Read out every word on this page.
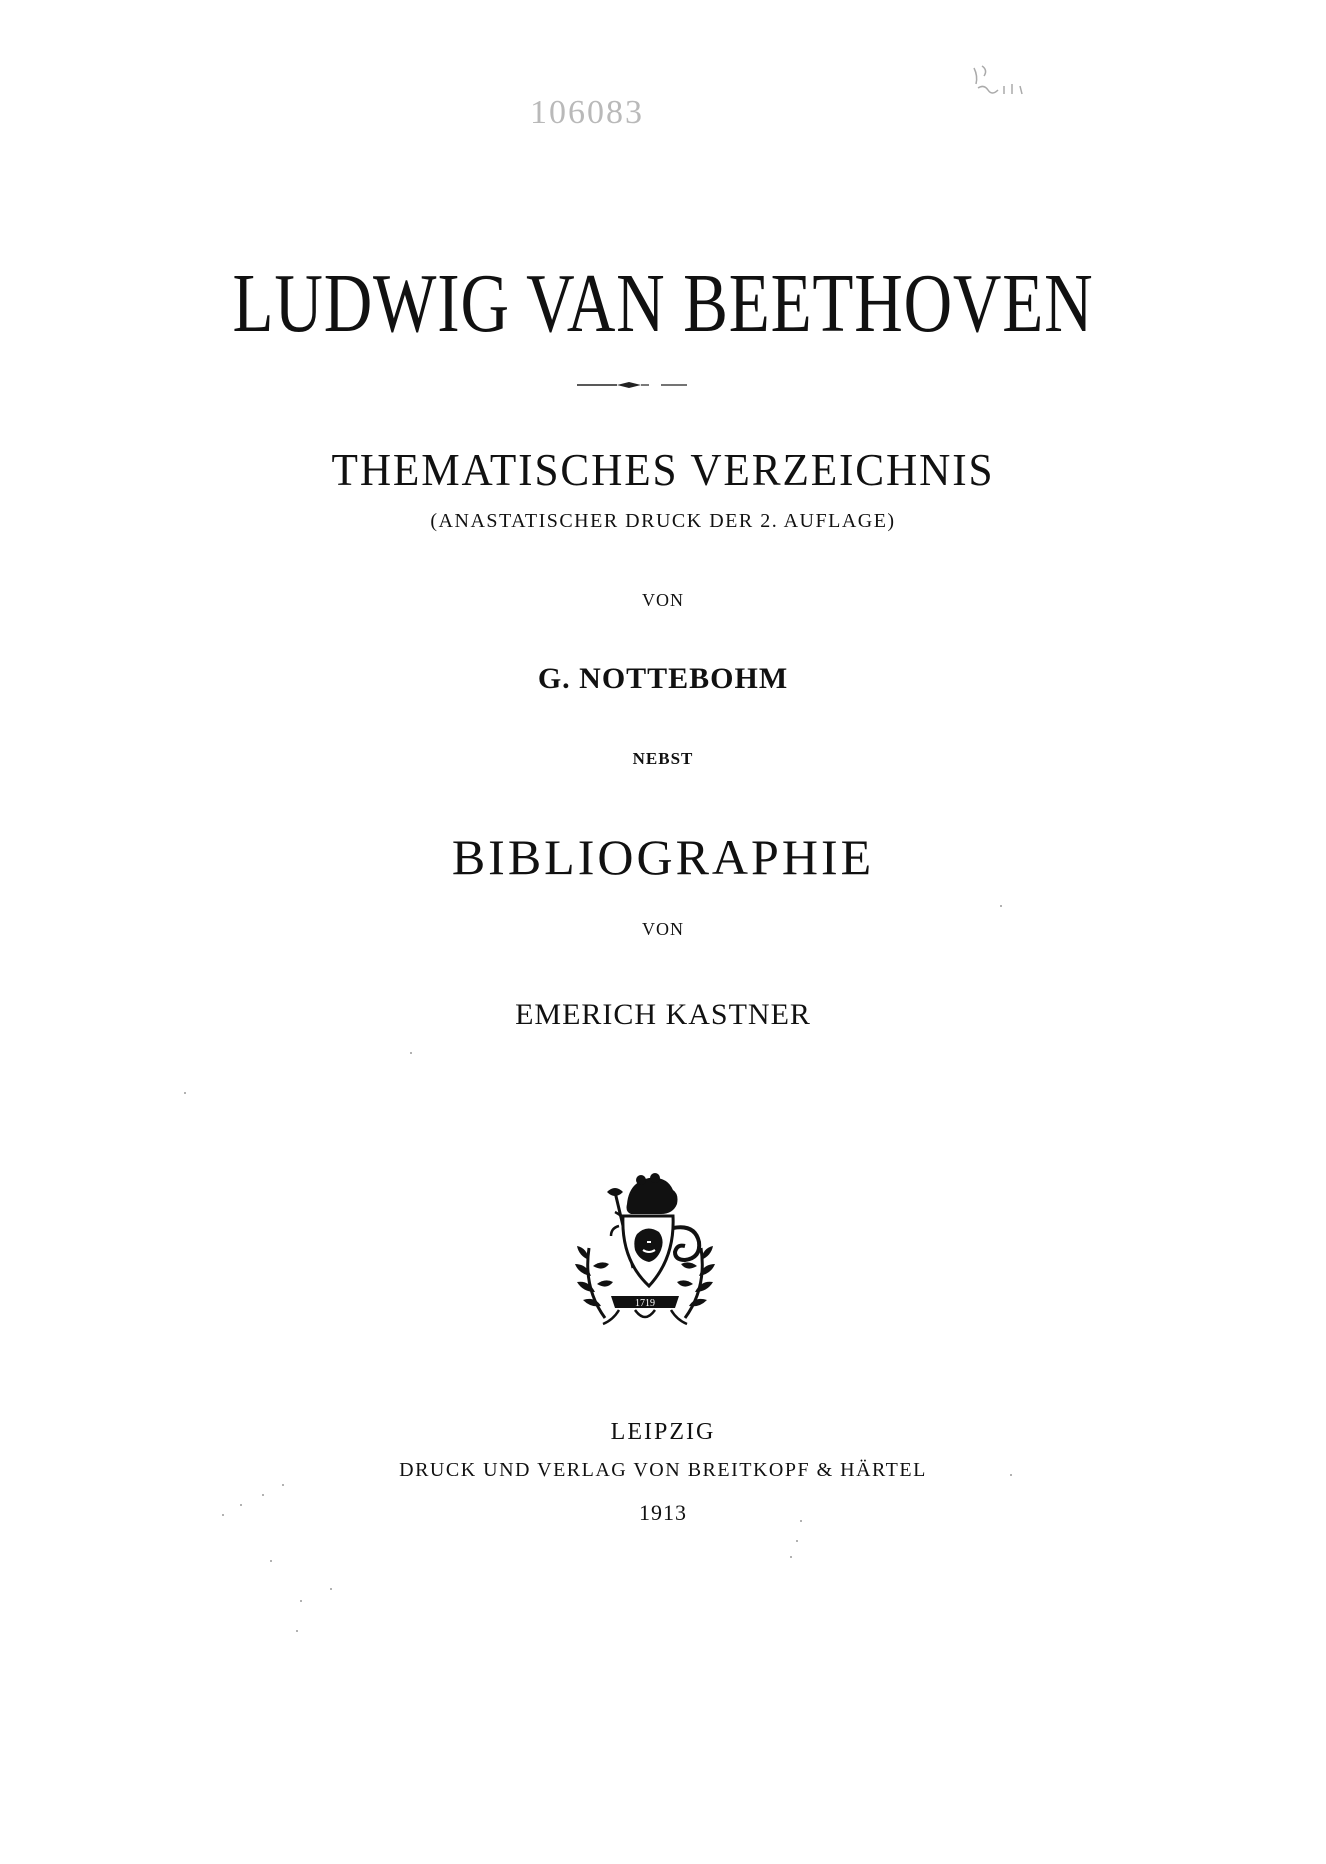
106083
LUDWIG VAN BEETHOVEN
THEMATISCHES VERZEICHNIS
(ANASTATISCHER DRUCK DER 2. AUFLAGE)
VON
G. NOTTEBOHM
NEBST
BIBLIOGRAPHIE
VON
EMERICH KASTNER
1719
LEIPZIG
DRUCK UND VERLAG VON BREITKOPF & HÄRTEL
1913
